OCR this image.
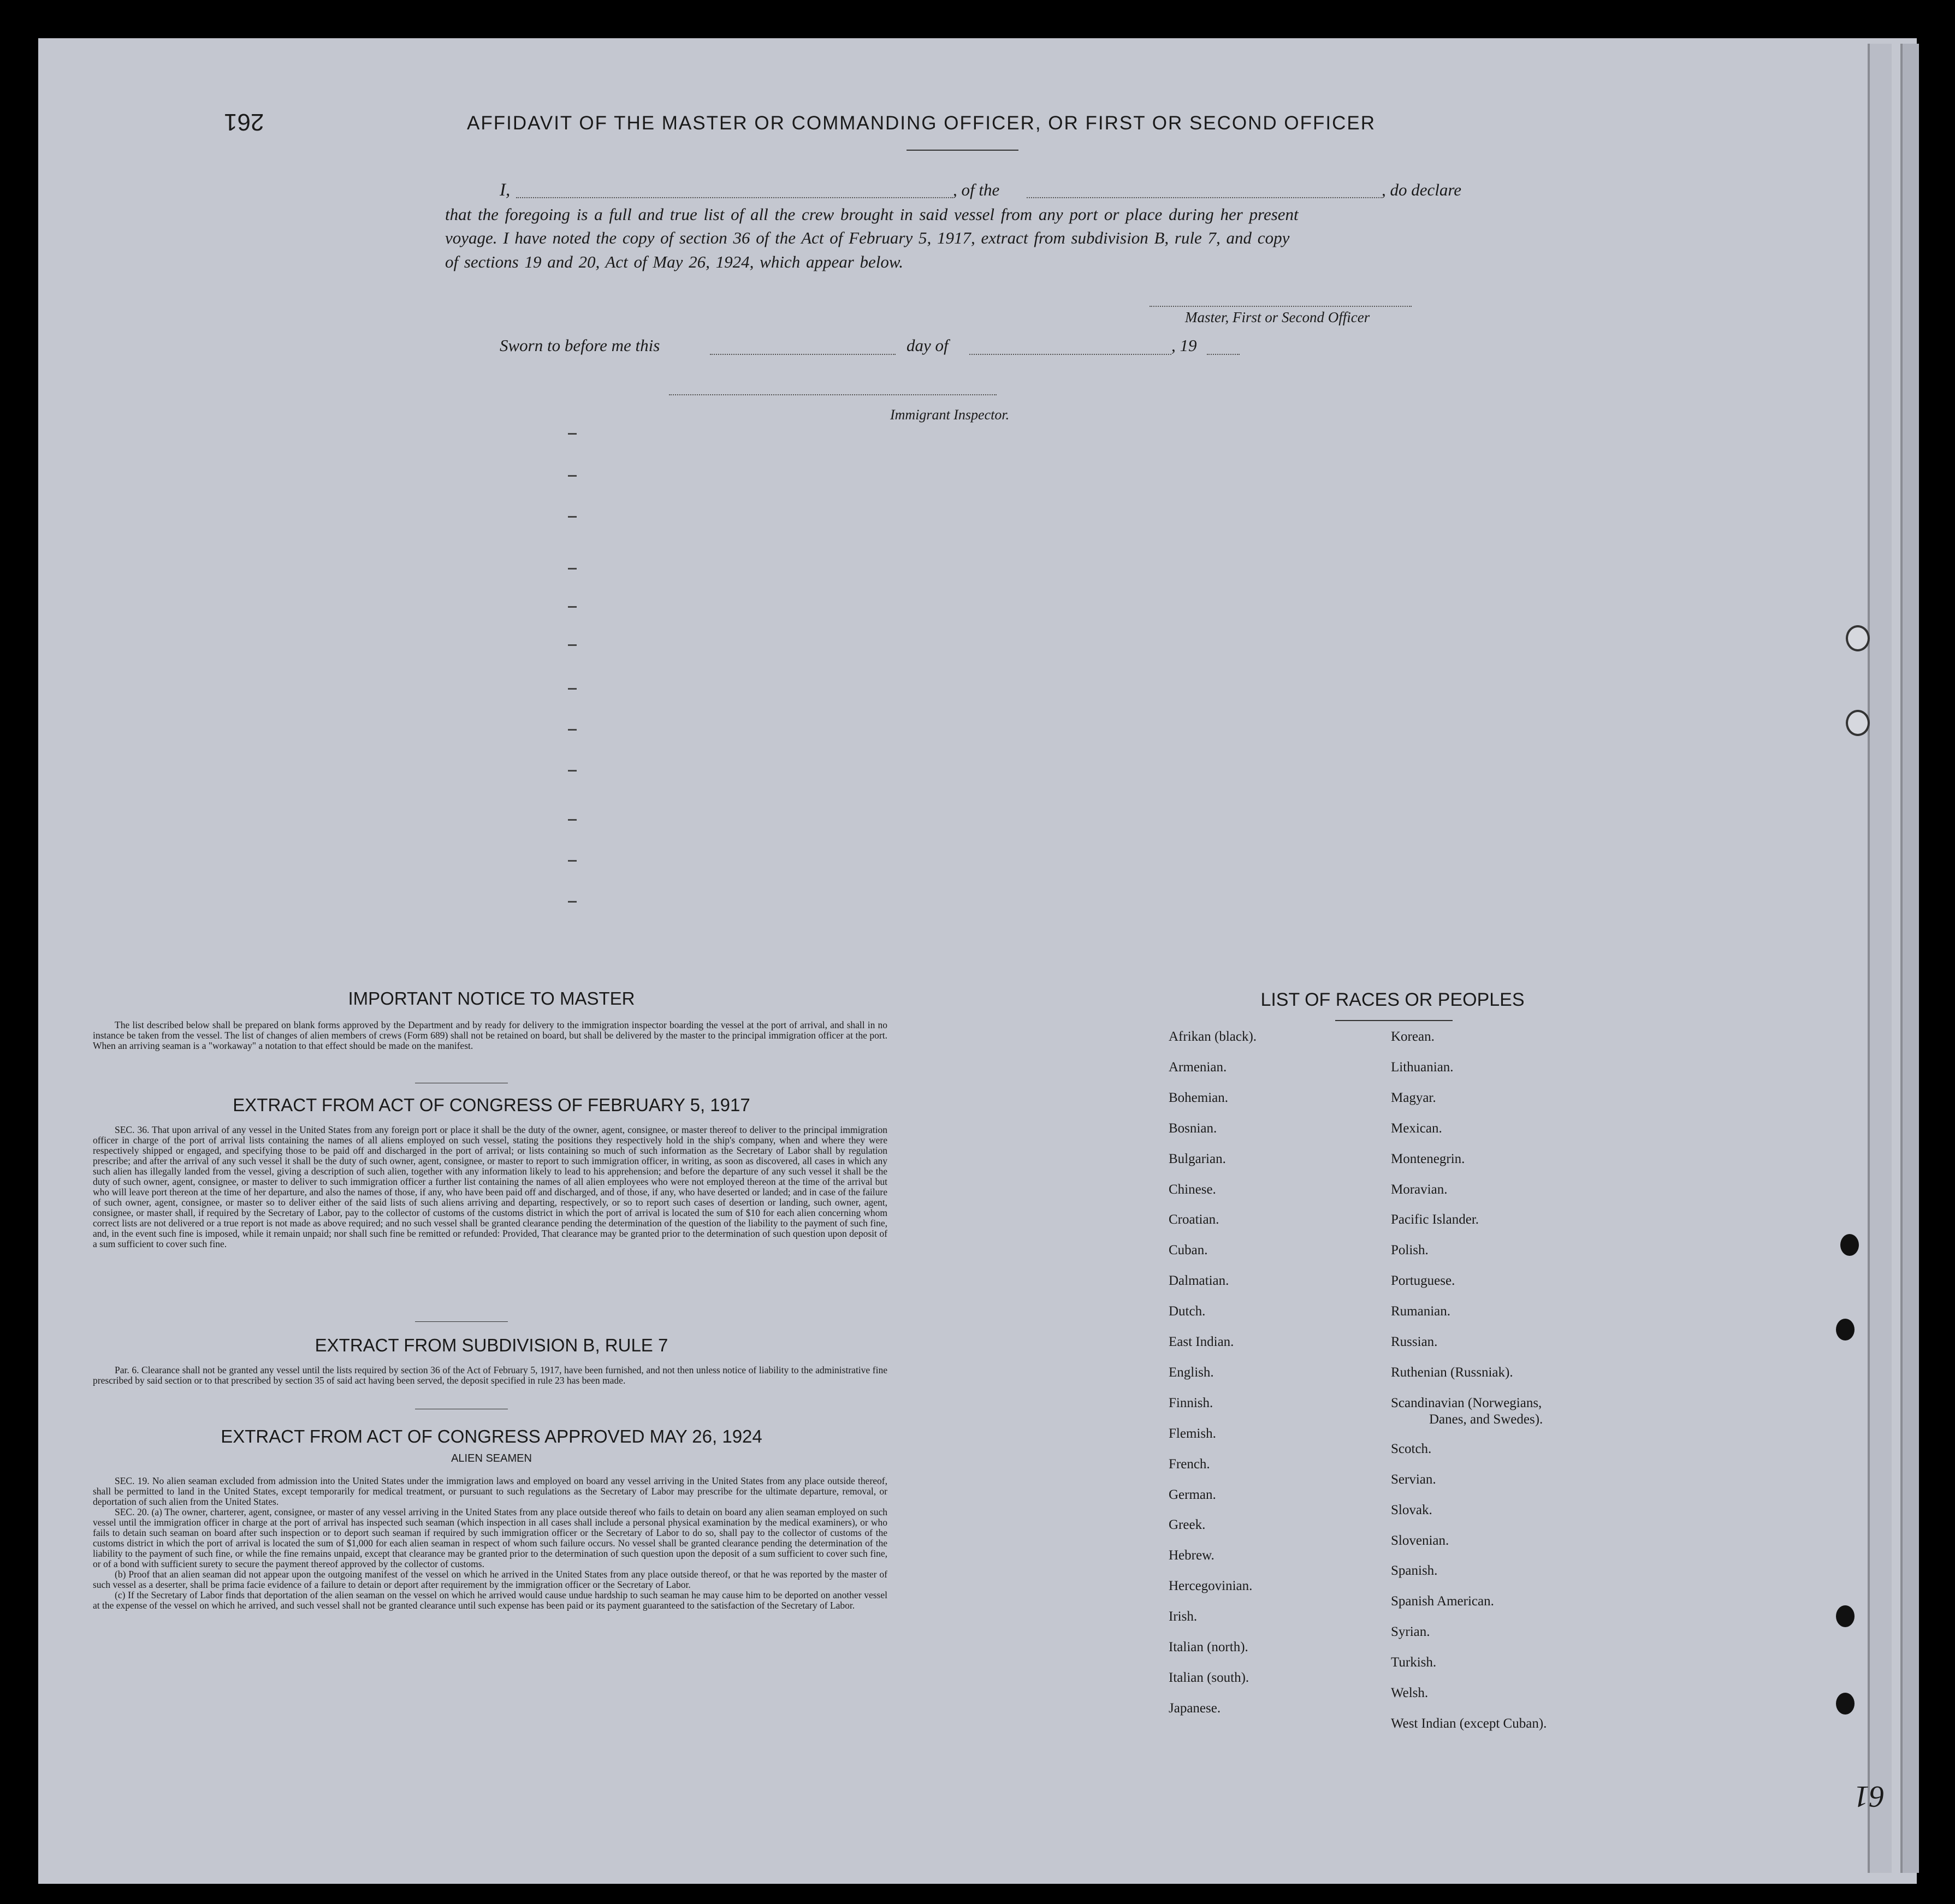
261	AFFIDAVIT OF THE MASTER OR COMMANDING OFFICER, OR FIRST OR SECOND OFFICER
I,	, of the	, do declare
that the foregoing is a full and true list of all the crew brought in said vessel from any port or place during her present
voyage. I have noted the copy of section 36 of the Act of February 5, 1917, extract from subdivision B, rule 7, and copy
of sections 19 and 20, Act of May 26, 1924, which appear below.
Master, First or Second Officer
Sworn to before me this	day of	, 19
Immigrant Inspector.
IMPORTANT NOTICE TO MASTER

The list described below shall be prepared on blank forms approved by the Department and by ready for delivery to the immigration inspector boarding the vessel at the port of arrival, and shall in no instance be taken from the vessel. The list of changes of alien members of crews (Form 689) shall not be retained on board, but shall be delivered by the master to the principal immigration officer at the port. When an arriving seaman is a "workaway" a notation to that effect should be made on the manifest.

EXTRACT FROM ACT OF CONGRESS OF FEBRUARY 5, 1917

SEC. 36. That upon arrival of any vessel in the United States from any foreign port or place it shall be the duty of the owner, agent, consignee, or master thereof to deliver to the principal immigration officer in charge of the port of arrival lists containing the names of all aliens employed on such vessel, stating the positions they respectively hold in the ship's company, when and where they were respectively shipped or engaged, and specifying those to be paid off and discharged in the port of arrival; or lists containing so much of such information as the Secretary of Labor shall by regulation prescribe; and after the arrival of any such vessel it shall be the duty of such owner, agent, consignee, or master to report to such immigration officer, in writing, as soon as discovered, all cases in which any such alien has illegally landed from the vessel, giving a description of such alien, together with any information likely to lead to his apprehension; and before the departure of any such vessel it shall be the duty of such owner, agent, consignee, or master to deliver to such immigration officer a further list containing the names of all alien employees who were not employed thereon at the time of the arrival but who will leave port thereon at the time of her departure, and also the names of those, if any, who have been paid off and discharged, and of those, if any, who have deserted or landed; and in case of the failure of such owner, agent, consignee, or master so to deliver either of the said lists of such aliens arriving and departing, respectively, or so to report such cases of desertion or landing, such owner, agent, consignee, or master shall, if required by the Secretary of Labor, pay to the collector of customs of the customs district in which the port of arrival is located the sum of $10 for each alien concerning whom correct lists are not delivered or a true report is not made as above required; and no such vessel shall be granted clearance pending the determination of the question of the liability to the payment of such fine, and, in the event such fine is imposed, while it remain unpaid; nor shall such fine be remitted or refunded: Provided, That clearance may be granted prior to the determination of such question upon deposit of a sum sufficient to cover such fine.

EXTRACT FROM SUBDIVISION B, RULE 7

Par. 6. Clearance shall not be granted any vessel until the lists required by section 36 of the Act of February 5, 1917, have been furnished, and not then unless notice of liability to the administrative fine prescribed by said section or to that prescribed by section 35 of said act having been served, the deposit specified in rule 23 has been made.

EXTRACT FROM ACT OF CONGRESS APPROVED MAY 26, 1924
ALIEN SEAMEN

SEC. 19. No alien seaman excluded from admission into the United States under the immigration laws and employed on board any vessel arriving in the United States from any place outside thereof, shall be permitted to land in the United States, except temporarily for medical treatment, or pursuant to such regulations as the Secretary of Labor may prescribe for the ultimate departure, removal, or deportation of such alien from the United States.

SEC. 20. (a) The owner, charterer, agent, consignee, or master of any vessel arriving in the United States from any place outside thereof who fails to detain on board any alien seaman employed on such vessel until the immigration officer in charge at the port of arrival has inspected such seaman (which inspection in all cases shall include a personal physical examination by the medical examiners), or who fails to detain such seaman on board after such inspection or to deport such seaman if required by such immigration officer or the Secretary of Labor to do so, shall pay to the collector of customs of the customs district in which the port of arrival is located the sum of $1,000 for each alien seaman in respect of whom such failure occurs. No vessel shall be granted clearance pending the determination of the liability to the payment of such fine, or while the fine remains unpaid, except that clearance may be granted prior to the determination of such question upon the deposit of a sum sufficient to cover such fine, or of a bond with sufficient surety to secure the payment thereof approved by the collector of customs.

(b) Proof that an alien seaman did not appear upon the outgoing manifest of the vessel on which he arrived in the United States from any place outside thereof, or that he was reported by the master of such vessel as a deserter, shall be prima facie evidence of a failure to detain or deport after requirement by the immigration officer or the Secretary of Labor.

(c) If the Secretary of Labor finds that deportation of the alien seaman on the vessel on which he arrived would cause undue hardship to such seaman he may cause him to be deported on another vessel at the expense of the vessel on which he arrived, and such vessel shall not be granted clearance until such expense has been paid or its payment guaranteed to the satisfaction of the Secretary of Labor.

LIST OF RACES OR PEOPLES
Afrikan (black).
Armenian.
Bohemian.
Bosnian.
Bulgarian.
Chinese.
Croatian.
Cuban.
Dalmatian.
Dutch.
East Indian.
English.
Finnish.
Flemish.
French.
German.
Greek.
Hebrew.
Hercegovinian.
Irish.
Italian (north).
Italian (south).
Japanese.
Korean.
Lithuanian.
Magyar.
Mexican.
Montenegrin.
Moravian.
Pacific Islander.
Polish.
Portuguese.
Rumanian.
Russian.
Ruthenian (Russniak).
Scandinavian (Norwegians,
Danes, and Swedes).
Scotch.
Servian.
Slovak.
Slovenian.
Spanish.
Spanish American.
Syrian.
Turkish.
Welsh.
West Indian (except Cuban).
61
